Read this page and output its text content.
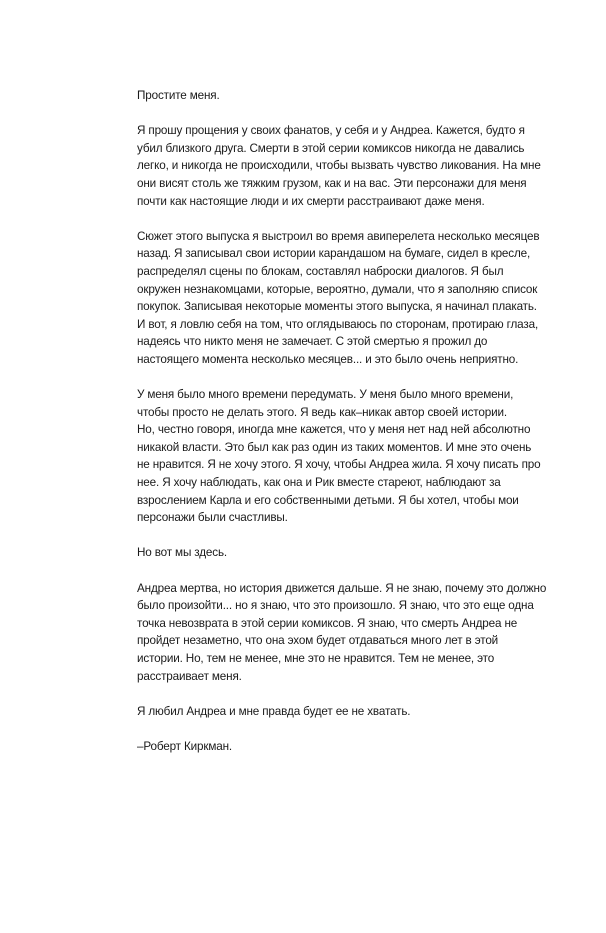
Простите меня.

Я прошу прощения у своих фанатов, у себя и у Андреа. Кажется, будто я
убил близкого друга. Смерти в этой серии комиксов никогда не давались
легко, и никогда не происходили, чтобы вызвать чувство ликования. На мне
они висят столь же тяжким грузом, как и на вас. Эти персонажи для меня
почти как настоящие люди и их смерти расстраивают даже меня.

Сюжет этого выпуска я выстроил во время авиперелета несколько месяцев
назад. Я записывал свои истории карандашом на бумаге, сидел в кресле,
распределял сцены по блокам, составлял наброски диалогов. Я был
окружен незнакомцами, которые, вероятно, думали, что я заполняю список
покупок. Записывая некоторые моменты этого выпуска, я начинал плакать.
И вот, я ловлю себя на том, что оглядываюсь по сторонам, протираю глаза,
надеясь что никто меня не замечает. С этой смертью я прожил до
настоящего момента несколько месяцев... и это было очень неприятно.

У меня было много времени передумать. У меня было много времени,
чтобы просто не делать этого. Я ведь как–никак автор своей истории.
Но, честно говоря, иногда мне кажется, что у меня нет над ней абсолютно
никакой власти. Это был как раз один из таких моментов. И мне это очень
не нравится. Я не хочу этого. Я хочу, чтобы Андреа жила. Я хочу писать про
нее. Я хочу наблюдать, как она и Рик вместе стареют, наблюдают за
взрослением Карла и его собственными детьми. Я бы хотел, чтобы мои
персонажи были счастливы.

Но вот мы здесь.

Андреа мертва, но история движется дальше. Я не знаю, почему это должно
было произойти... но я знаю, что это произошло. Я знаю, что это еще одна
точка невозврата в этой серии комиксов. Я знаю, что смерть Андреа не
пройдет незаметно, что она эхом будет отдаваться много лет в этой
истории. Но, тем не менее, мне это не нравится. Тем не менее, это
расстраивает меня.

Я любил Андреа и мне правда будет ее не хватать.

–Роберт Киркман.
